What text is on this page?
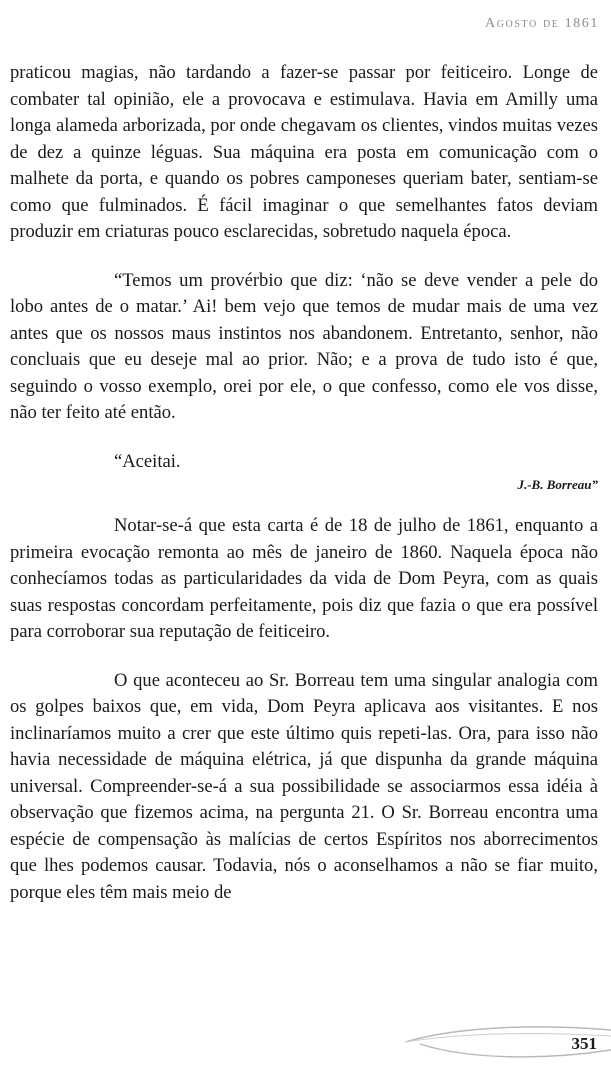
Agosto de 1861

praticou magias, não tardando a fazer-se passar por feiticeiro. Longe de combater tal opinião, ele a provocava e estimulava. Havia em Amilly uma longa alameda arborizada, por onde chegavam os clientes, vindos muitas vezes de dez a quinze léguas. Sua máquina era posta em comunicação com o malhete da porta, e quando os pobres camponeses queriam bater, sentiam-se como que fulminados. É fácil imaginar o que semelhantes fatos deviam produzir em criaturas pouco esclarecidas, sobretudo naquela época.

“Temos um provérbio que diz: ‘não se deve vender a pele do lobo antes de o matar.’ Ai! bem vejo que temos de mudar mais de uma vez antes que os nossos maus instintos nos abandonem. Entretanto, senhor, não concluais que eu deseje mal ao prior. Não; e a prova de tudo isto é que, seguindo o vosso exemplo, orei por ele, o que confesso, como ele vos disse, não ter feito até então.

“Aceitai.

J.-B. Borreau”

Notar-se-á que esta carta é de 18 de julho de 1861, enquanto a primeira evocação remonta ao mês de janeiro de 1860. Naquela época não conhecíamos todas as particularidades da vida de Dom Peyra, com as quais suas respostas concordam perfeitamente, pois diz que fazia o que era possível para corroborar sua reputação de feiticeiro.

O que aconteceu ao Sr. Borreau tem uma singular analogia com os golpes baixos que, em vida, Dom Peyra aplicava aos visitantes. E nos inclinaríamos muito a crer que este último quis repeti-las. Ora, para isso não havia necessidade de máquina elétrica, já que dispunha da grande máquina universal. Compreender-se-á a sua possibilidade se associarmos essa idéia à observação que fizemos acima, na pergunta 21. O Sr. Borreau encontra uma espécie de compensação às malícias de certos Espíritos nos aborrecimentos que lhes podemos causar. Todavia, nós o aconselhamos a não se fiar muito, porque eles têm mais meio de

351
